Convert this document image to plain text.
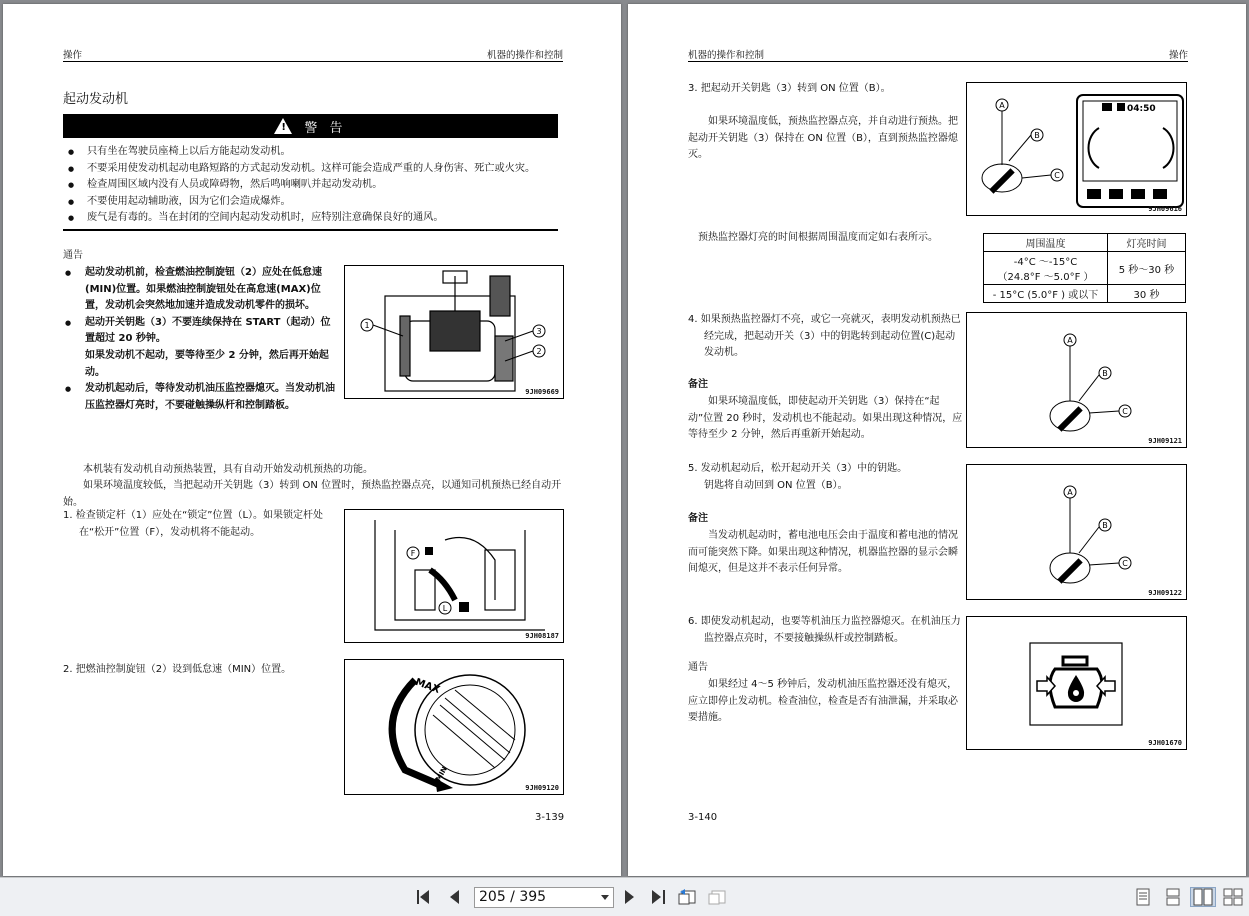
操作	机器的操作和控制
起动发动机
! 警 告
● 只有坐在驾驶员座椅上以后方能起动发动机。
● 不要采用使发动机起动电路短路的方式起动发动机。这样可能会造成严重的人身伤害、死亡或火灾。
● 检查周围区域内没有人员或障碍物，然后鸣响喇叭并起动发动机。
● 不要使用起动辅助液，因为它们会造成爆炸。
● 废气是有毒的。当在封闭的空间内起动发动机时，应特别注意确保良好的通风。
通告
● 起动发动机前，检查燃油控制旋钮（2）应处在低怠速(MIN)位置。如果燃油控制旋钮处在高怠速(MAX)位置，发动机会突然地加速并造成发动机零件的损坏。
● 起动开关钥匙（3）不要连续保持在 START（起动）位置超过 20 秒钟。
如果发动机不起动，要等待至少 2 分钟，然后再开始起动。
● 发动机起动后，等待发动机油压监控器熄灭。当发动机油压监控器灯亮时，不要碰触操纵杆和控制踏板。
1
3
2
9JH09669
本机装有发动机自动预热装置，具有自动开始发动机预热的功能。
如果环境温度较低，当把起动开关钥匙（3）转到 ON 位置时，预热监控器点亮，以通知司机预热已经自动开始。
1. 检查锁定杆（1）应处在“锁定”位置（L）。如果锁定杆处在“松开”位置（F），发动机将不能起动。
F
L
9JH08187
2. 把燃油控制旋钮（2）设到低怠速（MIN）位置。
MAX
MIN
9JH09120
3-139
机器的操作和控制	操作
3. 把起动开关钥匙（3）转到 ON 位置（B）。
如果环境温度低，预热监控器点亮，并自动进行预热。把起动开关钥匙（3）保持在 ON 位置（B），直到预热监控器熄灭。
A
B
C
04:50
9JH09616
预热监控器灯亮的时间根据周围温度而定如右表所示。
周围温度	灯亮时间

-4°C ～-15°C
（24.8°F ～5.0°F ）	5 秒～30 秒
- 15°C (5.0°F ) 或以下	30 秒
4. 如果预热监控器灯不亮，或它一亮就灭，表明发动机预热已经完成，把起动开关（3）中的钥匙转到起动位置(C)起动发动机。
备注
如果环境温度低，即使起动开关钥匙（3）保持在“起动”位置 20 秒时，发动机也不能起动。如果出现这种情况，应等待至少 2 分钟，然后再重新开始起动。
A
B
C
9JH09121
5. 发动机起动后，松开起动开关（3）中的钥匙。
钥匙将自动回到 ON 位置（B）。
备注
当发动机起动时，蓄电池电压会由于温度和蓄电池的情况而可能突然下降。如果出现这种情况，机器监控器的显示会瞬间熄灭，但是这并不表示任何异常。
A
B
C
9JH09122
6. 即使发动机起动，也要等机油压力监控器熄灭。在机油压力监控器点亮时，不要接触操纵杆或控制踏板。
通告
如果经过 4～5 秒钟后，发动机油压监控器还没有熄灭，应立即停止发动机。检查油位，检查是否有油泄漏，并采取必要措施。
9JH01670
3-140
205 / 395
